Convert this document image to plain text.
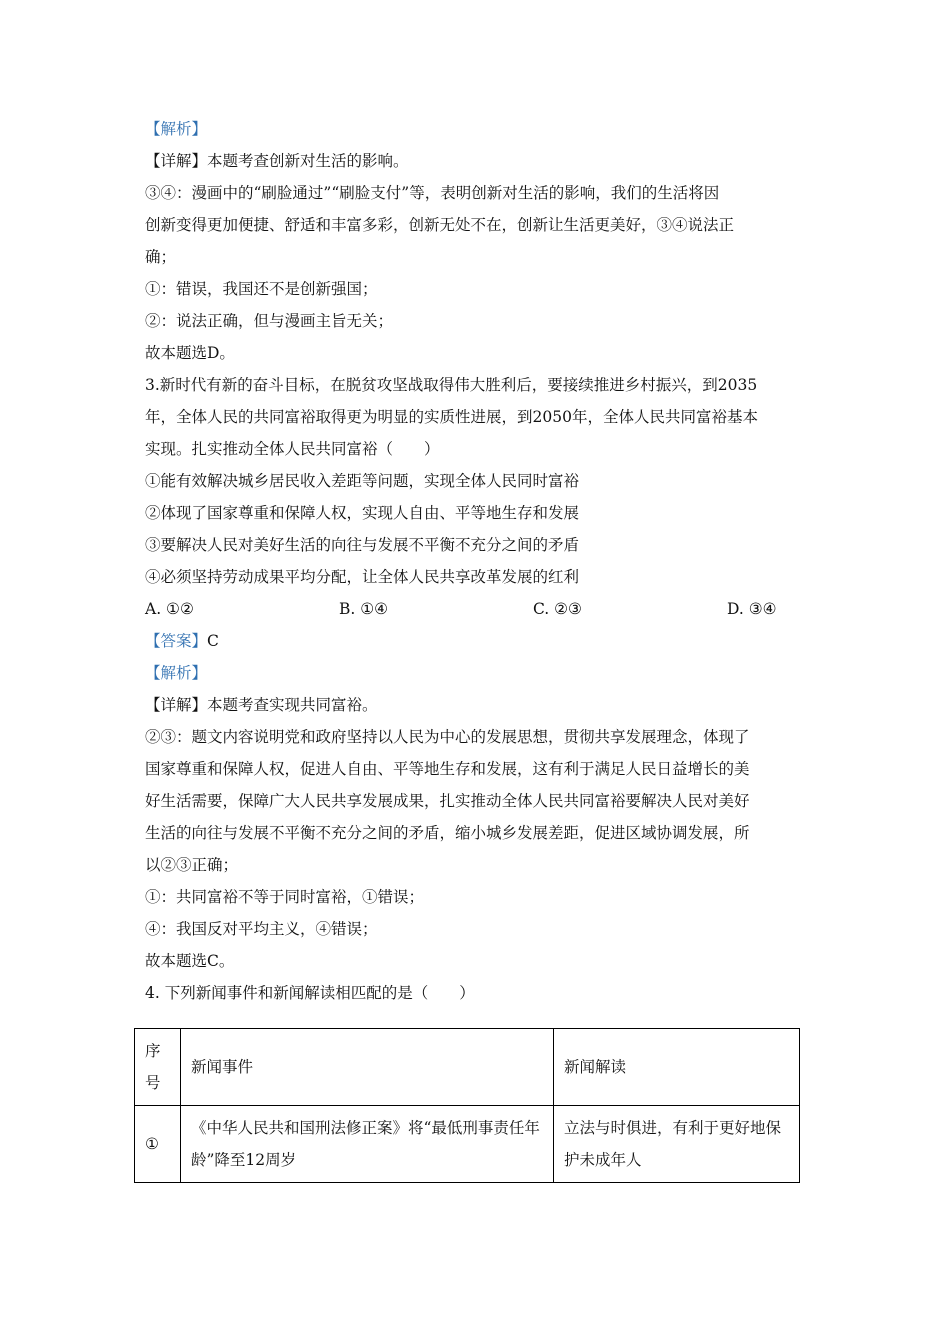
【解析】
【详解】本题考查创新对生活的影响。
③④：漫画中的“刷脸通过”“刷脸支付”等，表明创新对生活的影响，我们的生活将因
创新变得更加便捷、舒适和丰富多彩，创新无处不在，创新让生活更美好，③④说法正
确；
①：错误，我国还不是创新强国；
②：说法正确，但与漫画主旨无关；
故本题选D。
3.新时代有新的奋斗目标，在脱贫攻坚战取得伟大胜利后，要接续推进乡村振兴，到2035
年，全体人民的共同富裕取得更为明显的实质性进展，到2050年，全体人民共同富裕基本
实现。扎实推动全体人民共同富裕（　　）
①能有效解决城乡居民收入差距等问题，实现全体人民同时富裕
②体现了国家尊重和保障人权，实现人自由、平等地生存和发展
③要解决人民对美好生活的向往与发展不平衡不充分之间的矛盾
④必须坚持劳动成果平均分配，让全体人民共享改革发展的红利
A. ①②	B. ①④	C. ②③	D. ③④
【答案】C
【解析】
【详解】本题考查实现共同富裕。
②③：题文内容说明党和政府坚持以人民为中心的发展思想，贯彻共享发展理念，体现了
国家尊重和保障人权，促进人自由、平等地生存和发展，这有利于满足人民日益增长的美
好生活需要，保障广大人民共享发展成果，扎实推动全体人民共同富裕要解决人民对美好
生活的向往与发展不平衡不充分之间的矛盾，缩小城乡发展差距，促进区域协调发展，所
以②③正确；
①：共同富裕不等于同时富裕，①错误；
④：我国反对平均主义，④错误；
故本题选C。
4. 下列新闻事件和新闻解读相匹配的是（　　）
序号	新闻事件	新闻解读
①	《中华人民共和国刑法修正案》将“最低刑事责任年龄”降至12周岁	立法与时俱进，有利于更好地保护未成年人
